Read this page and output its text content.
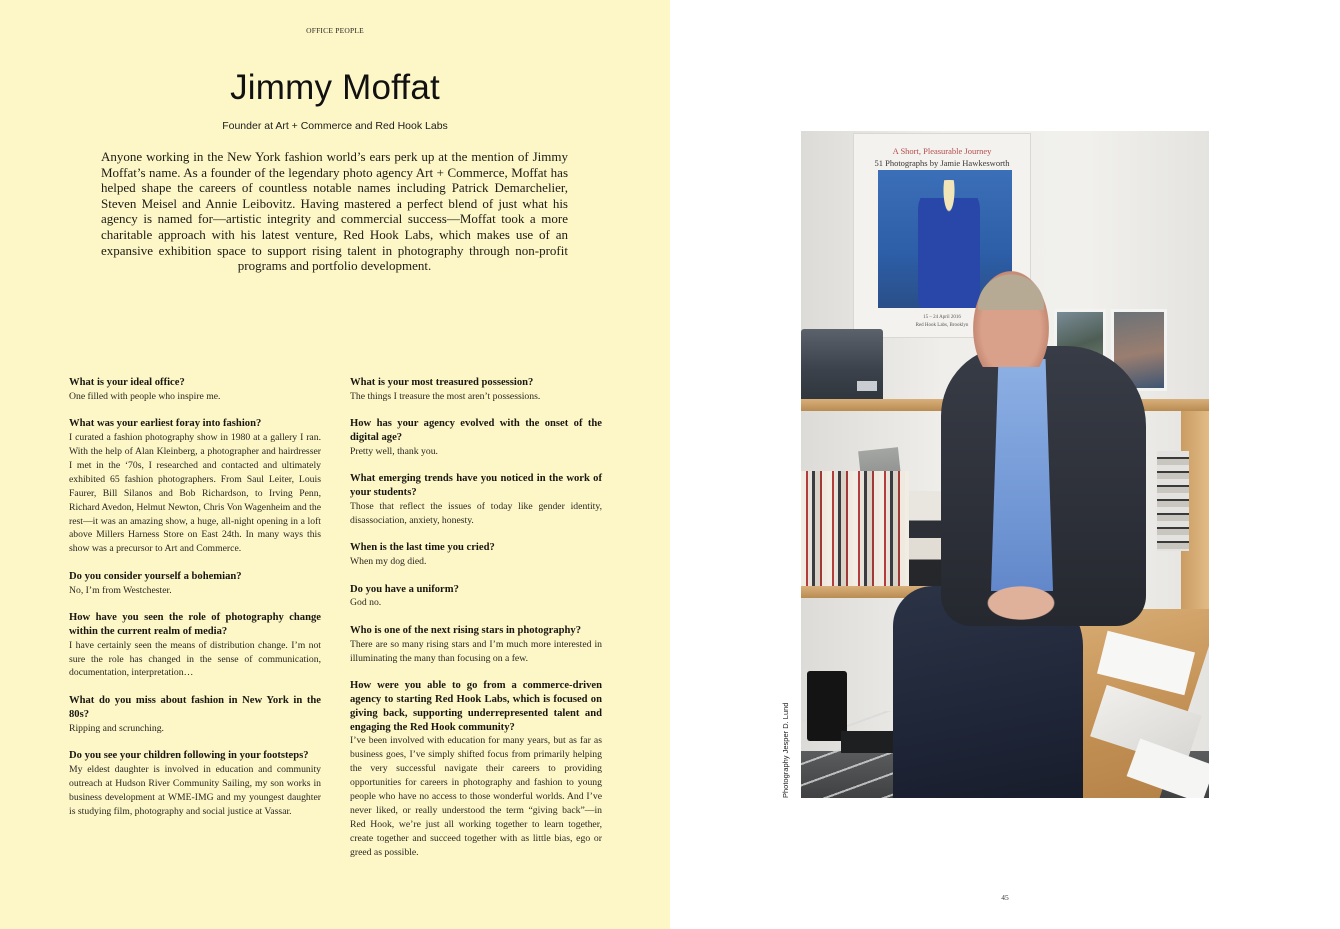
OFFICE PEOPLE
Jimmy Moffat
Founder at Art + Commerce and Red Hook Labs

Anyone working in the New York fashion world’s ears perk up at the mention of Jimmy Moffat’s name. As a founder of the legendary photo agency Art + Commerce, Moffat has helped shape the careers of countless notable names including Patrick Demarchelier, Steven Meisel and Annie Leibovitz. Having mastered a perfect blend of just what his agency is named for—artistic integrity and commercial success—Moffat took a more charitable approach with his latest venture, Red Hook Labs, which makes use of an expansive exhibition space to support rising talent in photography through non-profit programs and portfolio development.

What is your ideal office?
One filled with people who inspire me.
What was your earliest foray into fashion?
I curated a fashion photography show in 1980 at a gallery I ran. With the help of Alan Kleinberg, a photographer and hairdresser I met in the ‘70s, I researched and contacted and ultimately exhibited 65 fashion photographers. From Saul Leiter, Louis Faurer, Bill Silanos and Bob Richardson, to Irving Penn, Richard Avedon, Helmut Newton, Chris Von Wagenheim and the rest—it was an amazing show, a huge, all-night opening in a loft above Millers Harness Store on East 24th. In many ways this show was a precursor to Art and Commerce.
Do you consider yourself a bohemian?
No, I’m from Westchester.
How have you seen the role of photography change within the current realm of media?
I have certainly seen the means of distribution change. I’m not sure the role has changed in the sense of communication, documentation, interpretation…
What do you miss about fashion in New York in the 80s?
Ripping and scrunching.
Do you see your children following in your footsteps?
My eldest daughter is involved in education and community outreach at Hudson River Community Sailing, my son works in business development at WME-IMG and my youngest daughter is studying film, photography and social justice at Vassar.
What is your most treasured possession?
The things I treasure the most aren’t possessions.
How has your agency evolved with the onset of the digital age?
Pretty well, thank you.
What emerging trends have you noticed in the work of your students?
Those that reflect the issues of today like gender identity, disassociation, anxiety, honesty.
When is the last time you cried?
When my dog died.
Do you have a uniform?
God no.
Who is one of the next rising stars in photography?
There are so many rising stars and I’m much more interested in illuminating the many than focusing on a few.
How were you able to go from a commerce-driven agency to starting Red Hook Labs, which is focused on giving back, supporting underrepresented talent and engaging the Red Hook community?
I’ve been involved with education for many years, but as far as business goes, I’ve simply shifted focus from primarily helping the very successful navigate their careers to providing opportunities for careers in photography and fashion to young people who have no access to those wonderful worlds. And I’ve never liked, or really understood the term “giving back”—in Red Hook, we’re just all working together to learn together, create together and succeed together with as little bias, ego or greed as possible.
A Short, Pleasurable Journey
51 Photographs by Jamie Hawkesworth
15 – 24 April 2016
Red Hook Labs, Brooklyn
Photography Jesper D. Lund
45
